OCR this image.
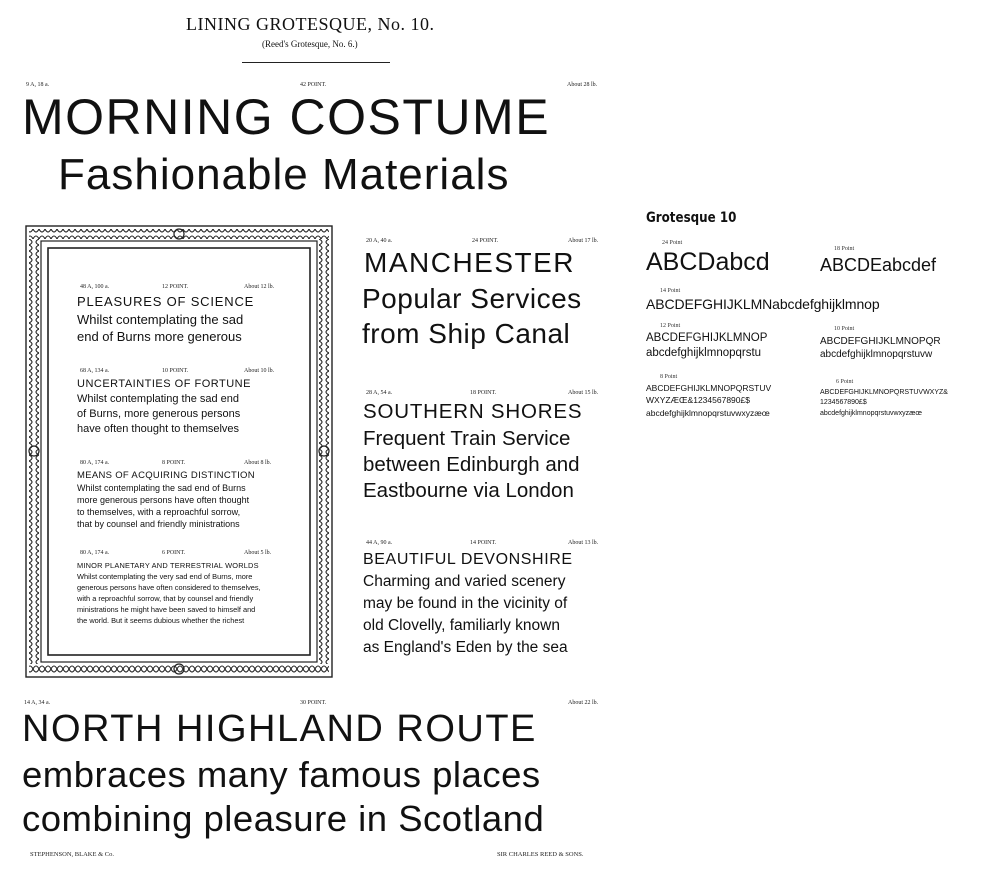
LINING GROTESQUE, No. 10.
(Reed's Grotesque, No. 6.)
9 A, 18 a.	42 POINT.	About 28 lb.
MORNING COSTUME
Fashionable Materials
48 A, 100 a.	12 POINT.	About 12 lb.
PLEASURES OF SCIENCE
Whilst contemplating the sad
end of Burns more generous
68 A, 134 a.	10 POINT.	About 10 lb.
UNCERTAINTIES OF FORTUNE
Whilst contemplating the sad end
of Burns, more generous persons
have often thought to themselves
80 A, 174 a.	8 POINT.	About 8 lb.
MEANS OF ACQUIRING DISTINCTION
Whilst contemplating the sad end of Burns
more generous persons have often thought
to themselves, with a reproachful sorrow,
that by counsel and friendly ministrations
80 A, 174 a.	6 POINT.	About 5 lb.
MINOR PLANETARY AND TERRESTRIAL WORLDS
Whilst contemplating the very sad end of Burns, more
generous persons have often considered to themselves,
with a reproachful sorrow, that by counsel and friendly
ministrations he might have been saved to himself and
the world. But it seems dubious whether the richest
20 A, 40 a.	24 POINT.	About 17 lb.
MANCHESTER
Popular Services
from Ship Canal
28 A, 54 a.	18 POINT.	About 15 lb.
SOUTHERN SHORES
Frequent Train Service
between Edinburgh and
Eastbourne via London
44 A, 90 a.	14 POINT.	About 13 lb.
BEAUTIFUL DEVONSHIRE
Charming and varied scenery
may be found in the vicinity of
old Clovelly, familiarly known
as England's Eden by the sea
14 A, 34 a.	30 POINT.	About 22 lb.
NORTH HIGHLAND ROUTE
embraces many famous places
combining pleasure in Scotland
STEPHENSON, BLAKE & Co.	SIR CHARLES REED & SONS.
Grotesque 10
24 Point
ABCDabcd	18 Point
ABCDEabcdef
14 Point
ABCDEFGHIJKLMNabcdefghijklmnop
12 Point
ABCDEFGHIJKLMNOP
abcdefghijklmnopqrstu
10 Point
ABCDEFGHIJKLMNOPQR
abcdefghijklmnopqrstuvw
8 Point
ABCDEFGHIJKLMNOPQRSTUV
WXYZÆŒ&1234567890£$
abcdefghijklmnopqrstuvwxyzæœ
6 Point
ABCDEFGHIJKLMNOPQRSTUVWXYZ&
1234567890£$
abcdefghijklmnopqrstuvwxyzæœ
